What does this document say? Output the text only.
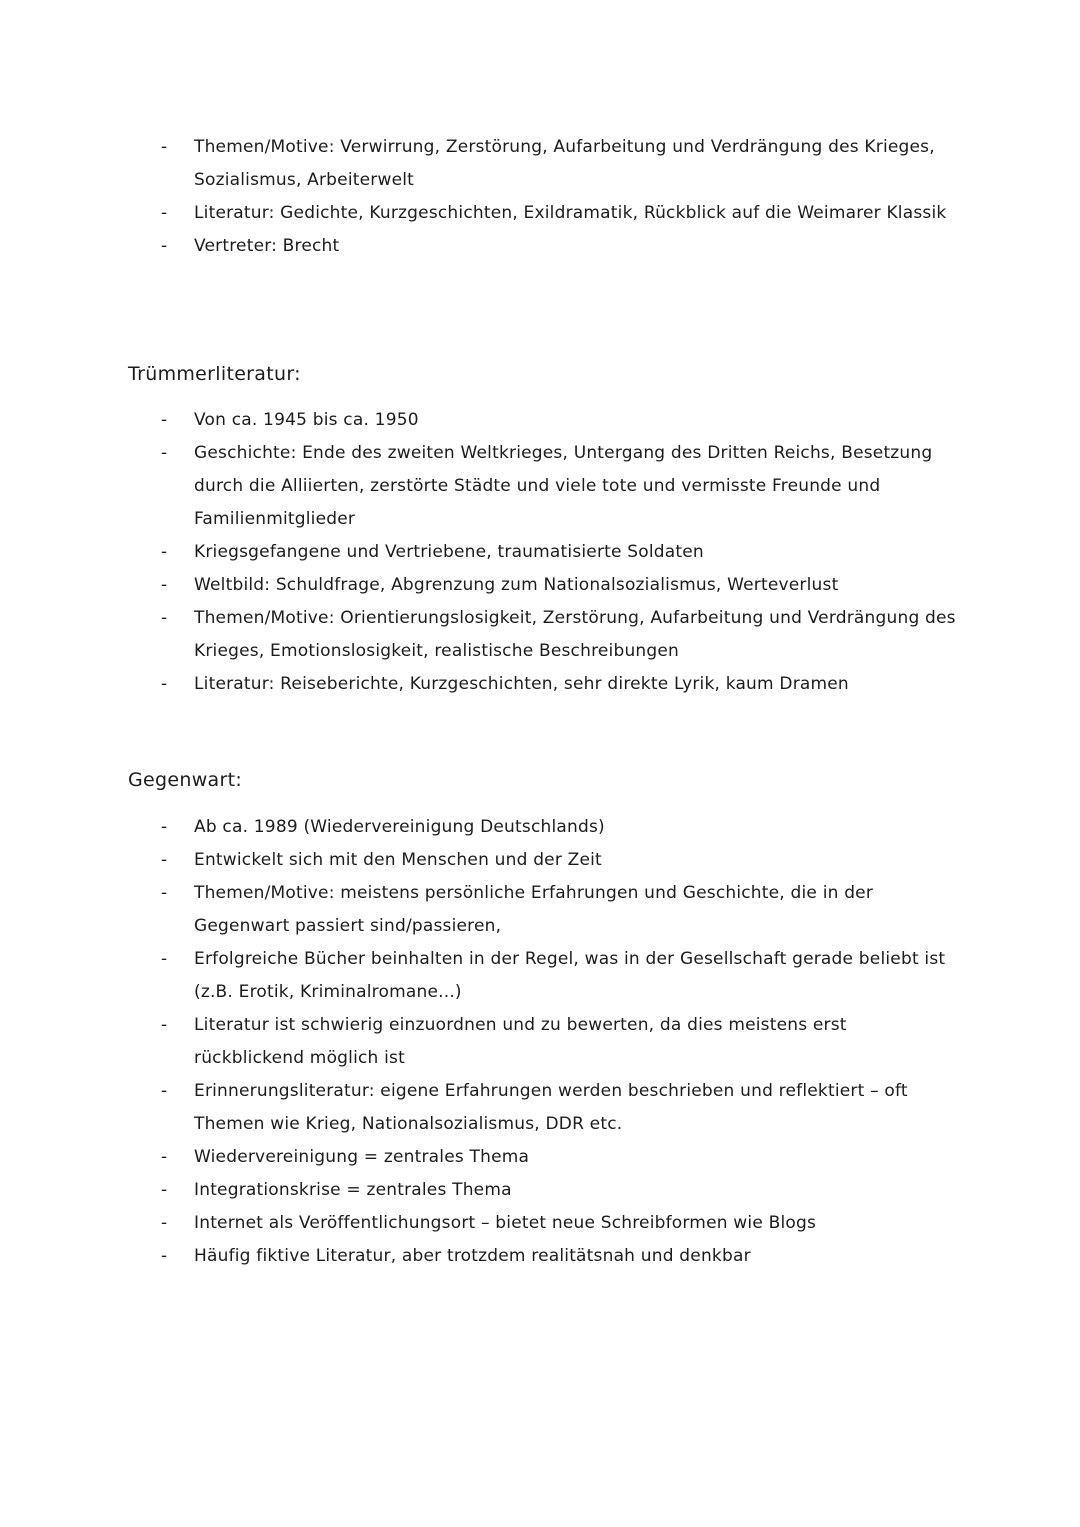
- Themen/Motive: Verwirrung, Zerstörung, Aufarbeitung und Verdrängung des Krieges, Sozialismus, Arbeiterwelt
- Literatur: Gedichte, Kurzgeschichten, Exildramatik, Rückblick auf die Weimarer Klassik
- Vertreter: Brecht
Trümmerliteratur:
- Von ca. 1945 bis ca. 1950
- Geschichte: Ende des zweiten Weltkrieges, Untergang des Dritten Reichs, Besetzung durch die Alliierten, zerstörte Städte und viele tote und vermisste Freunde und Familienmitglieder
- Kriegsgefangene und Vertriebene, traumatisierte Soldaten
- Weltbild: Schuldfrage, Abgrenzung zum Nationalsozialismus, Werteverlust
- Themen/Motive: Orientierungslosigkeit, Zerstörung, Aufarbeitung und Verdrängung des Krieges, Emotionslosigkeit, realistische Beschreibungen
- Literatur: Reiseberichte, Kurzgeschichten, sehr direkte Lyrik, kaum Dramen
Gegenwart:
- Ab ca. 1989 (Wiedervereinigung Deutschlands)
- Entwickelt sich mit den Menschen und der Zeit
- Themen/Motive: meistens persönliche Erfahrungen und Geschichte, die in der Gegenwart passiert sind/passieren,
- Erfolgreiche Bücher beinhalten in der Regel, was in der Gesellschaft gerade beliebt ist (z.B. Erotik, Kriminalromane...)
- Literatur ist schwierig einzuordnen und zu bewerten, da dies meistens erst rückblickend möglich ist
- Erinnerungsliteratur: eigene Erfahrungen werden beschrieben und reflektiert – oft Themen wie Krieg, Nationalsozialismus, DDR etc.
- Wiedervereinigung = zentrales Thema
- Integrationskrise = zentrales Thema
- Internet als Veröffentlichungsort – bietet neue Schreibformen wie Blogs
- Häufig fiktive Literatur, aber trotzdem realitätsnah und denkbar
